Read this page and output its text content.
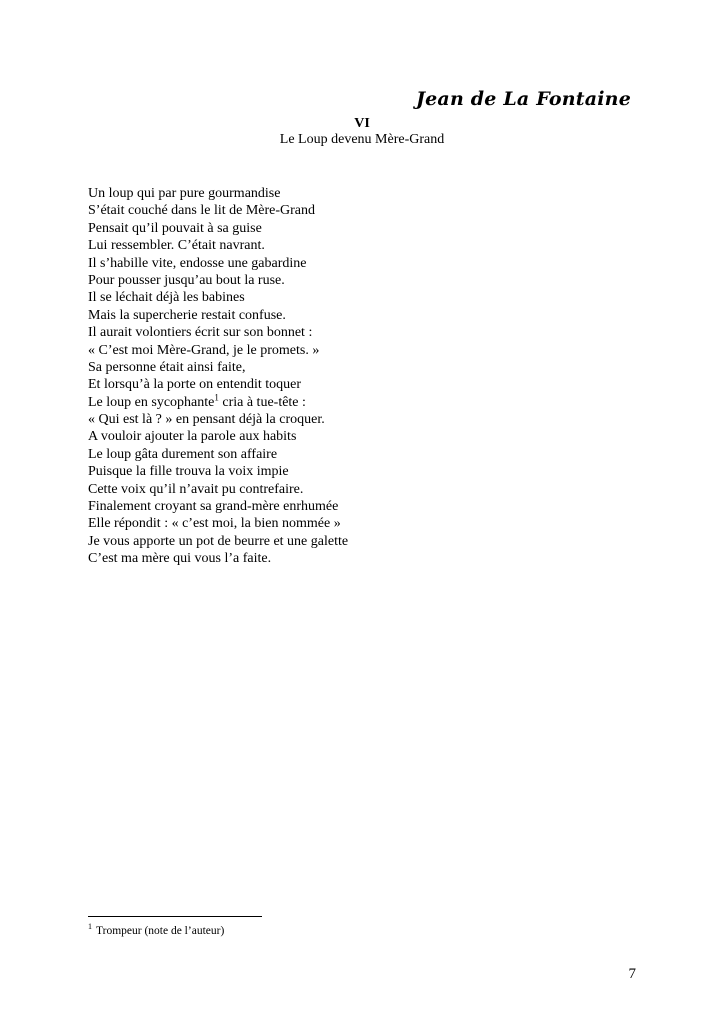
Jean de La Fontaine
VI
Le Loup devenu Mère-Grand
Un loup qui par pure gourmandise
S’était couché dans le lit de Mère-Grand
Pensait qu’il pouvait à sa guise
Lui ressembler. C’était navrant.
Il s’habille vite, endosse une gabardine
Pour pousser jusqu’au bout la ruse.
Il se léchait déjà les babines
Mais la supercherie restait confuse.
Il aurait volontiers écrit sur son bonnet :
« C’est moi Mère-Grand, je le promets. »
Sa personne était ainsi faite,
Et lorsqu’à la porte on entendit toquer
Le loup en sycophante$^1$ cria à tue-tête :
« Qui est là ? » en pensant déjà la croquer.
A vouloir ajouter la parole aux habits
Le loup gâta durement son affaire
Puisque la fille trouva la voix impie
Cette voix qu’il n’avait pu contrefaire.
Finalement croyant sa grand-mère enrhumée
Elle répondit : « c’est moi, la bien nommée »
Je vous apporte un pot de beurre et une galette
C’est ma mère qui vous l’a faite.
$^1$ Trompeur (note de l’auteur)
7
